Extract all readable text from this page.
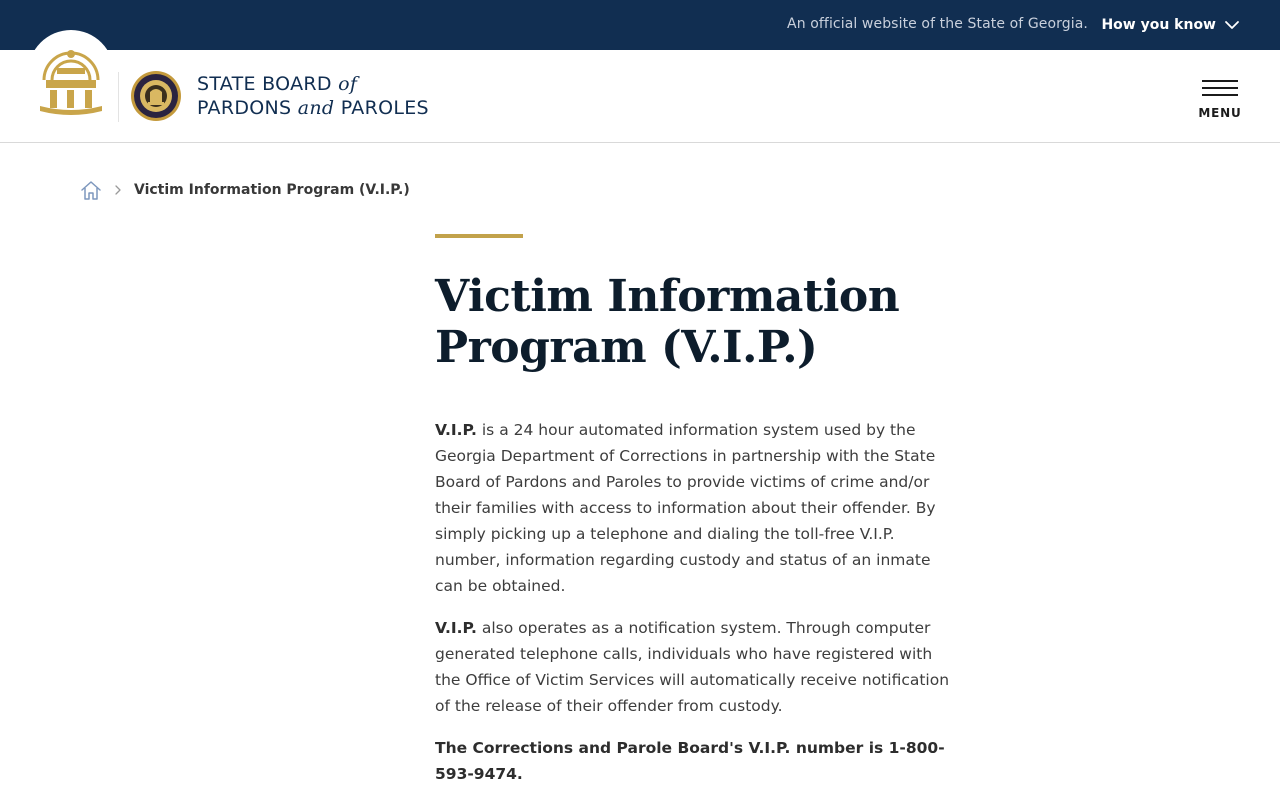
An official website of the State of Georgia. How you know
STATE BOARD of
PARDONS and PAROLES	MENU
Victim Information Program (V.I.P.)
Victim Information
Program (V.I.P.)

V.I.P. is a 24 hour automated information system used by the Georgia Department of Corrections in partnership with the State Board of Pardons and Paroles to provide victims of crime and/or their families with access to information about their offender. By simply picking up a telephone and dialing the toll-free V.I.P. number, information regarding custody and status of an inmate can be obtained.

V.I.P. also operates as a notification system. Through computer generated telephone calls, individuals who have registered with the Office of Victim Services will automatically receive notification of the release of their offender from custody.

The Corrections and Parole Board's V.I.P. number is 1-800-593-9474.
